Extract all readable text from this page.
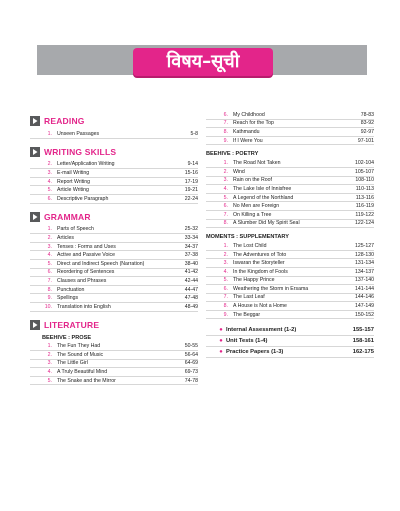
विषय–सूची
READING
1. Unseen Passages	5-8
WRITING SKILLS
2. Letter/Application Writing	9-14
3. E-mail Writing	15-16
4. Report Writing	17-19
5. Article Writing	19-21
6. Descriptive Paragraph	22-24
GRAMMAR
1. Parts of Speech	25-32
2. Articles	33-34
3. Tenses : Forms and Uses	34-37
4. Active and Passive Voice	37-38
5. Direct and Indirect Speech (Narration)	38-40
6. Reordering of Sentences	41-42
7. Clauses and Phrases	42-44
8. Punctuation	44-47
9. Spellings	47-48
10. Translation into English	48-49
LITERATURE
BEEHIVE : PROSE
1. The Fun They Had	50-55
2. The Sound of Music	56-64
3. The Little Girl	64-69
4. A Truly Beautiful Mind	69-73
5. The Snake and the Mirror	74-78
6. My Childhood	78-83
7. Reach for the Top	83-92
8. Kathmandu	92-97
9. If I Were You	97-101
BEEHIVE : POETRY
1. The Road Not Taken	102-104
2. Wind	105-107
3. Rain on the Roof	108-110
4. The Lake Isle of Innisfree	110-113
5. A Legend of the Northland	113-116
6. No Men are Foreign	116-119
7. On Killing a Tree	119-122
8. A Slumber Did My Spirit Seal	122-124
MOMENTS : SUPPLEMENTARY
1. The Lost Child	125-127
2. The Adventures of Toto	128-130
3. Iswaran the Storyteller	131-134
4. In the Kingdom of Fools	134-137
5. The Happy Prince	137-140
6. Weathering the Storm in Ersama	141-144
7. The Last Leaf	144-146
8. A House is Not a Home	147-149
9. The Beggar	150-152
● Internal Assessment (1-2)	155-157
● Unit Tests (1-4)	158-161
● Practice Papers (1-3)	162-175
